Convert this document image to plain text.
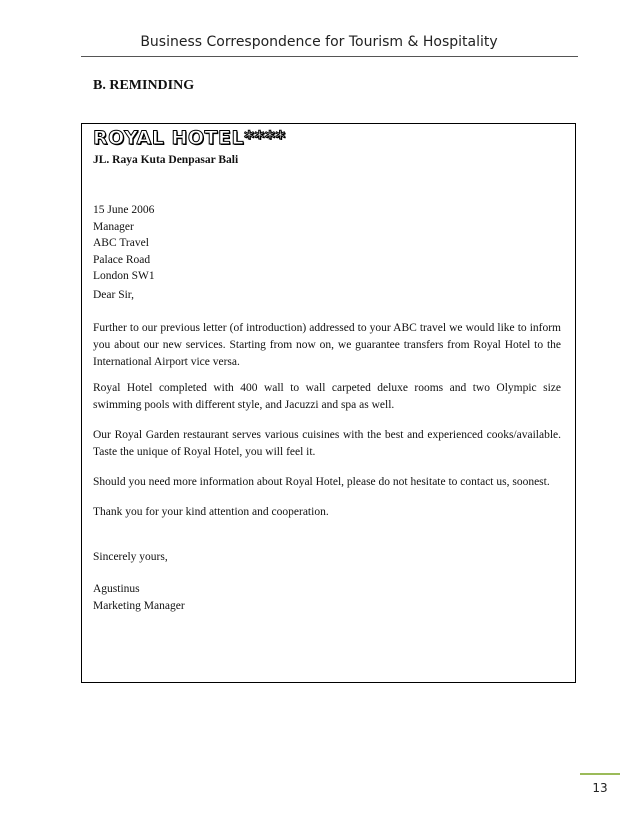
Business Correspondence for Tourism & Hospitality
B. REMINDING
ROYAL HOTEL****
JL. Raya Kuta Denpasar Bali
15 June 2006
Manager
ABC Travel
Palace Road
London SW1
Dear Sir,
Further to our previous letter (of introduction) addressed to your ABC travel we would like to inform you about our new services. Starting from now on, we guarantee transfers from Royal Hotel to the International Airport vice versa.
Royal Hotel completed with 400 wall to wall carpeted deluxe rooms and two Olympic size swimming pools with different style, and Jacuzzi and spa as well.
Our Royal Garden restaurant serves various cuisines with the best and experienced cooks/available. Taste the unique of Royal Hotel, you will feel it.
Should you need more information about Royal Hotel, please do not hesitate to contact us, soonest.
Thank you for your kind attention and cooperation.
Sincerely yours,
Agustinus
Marketing Manager
13
